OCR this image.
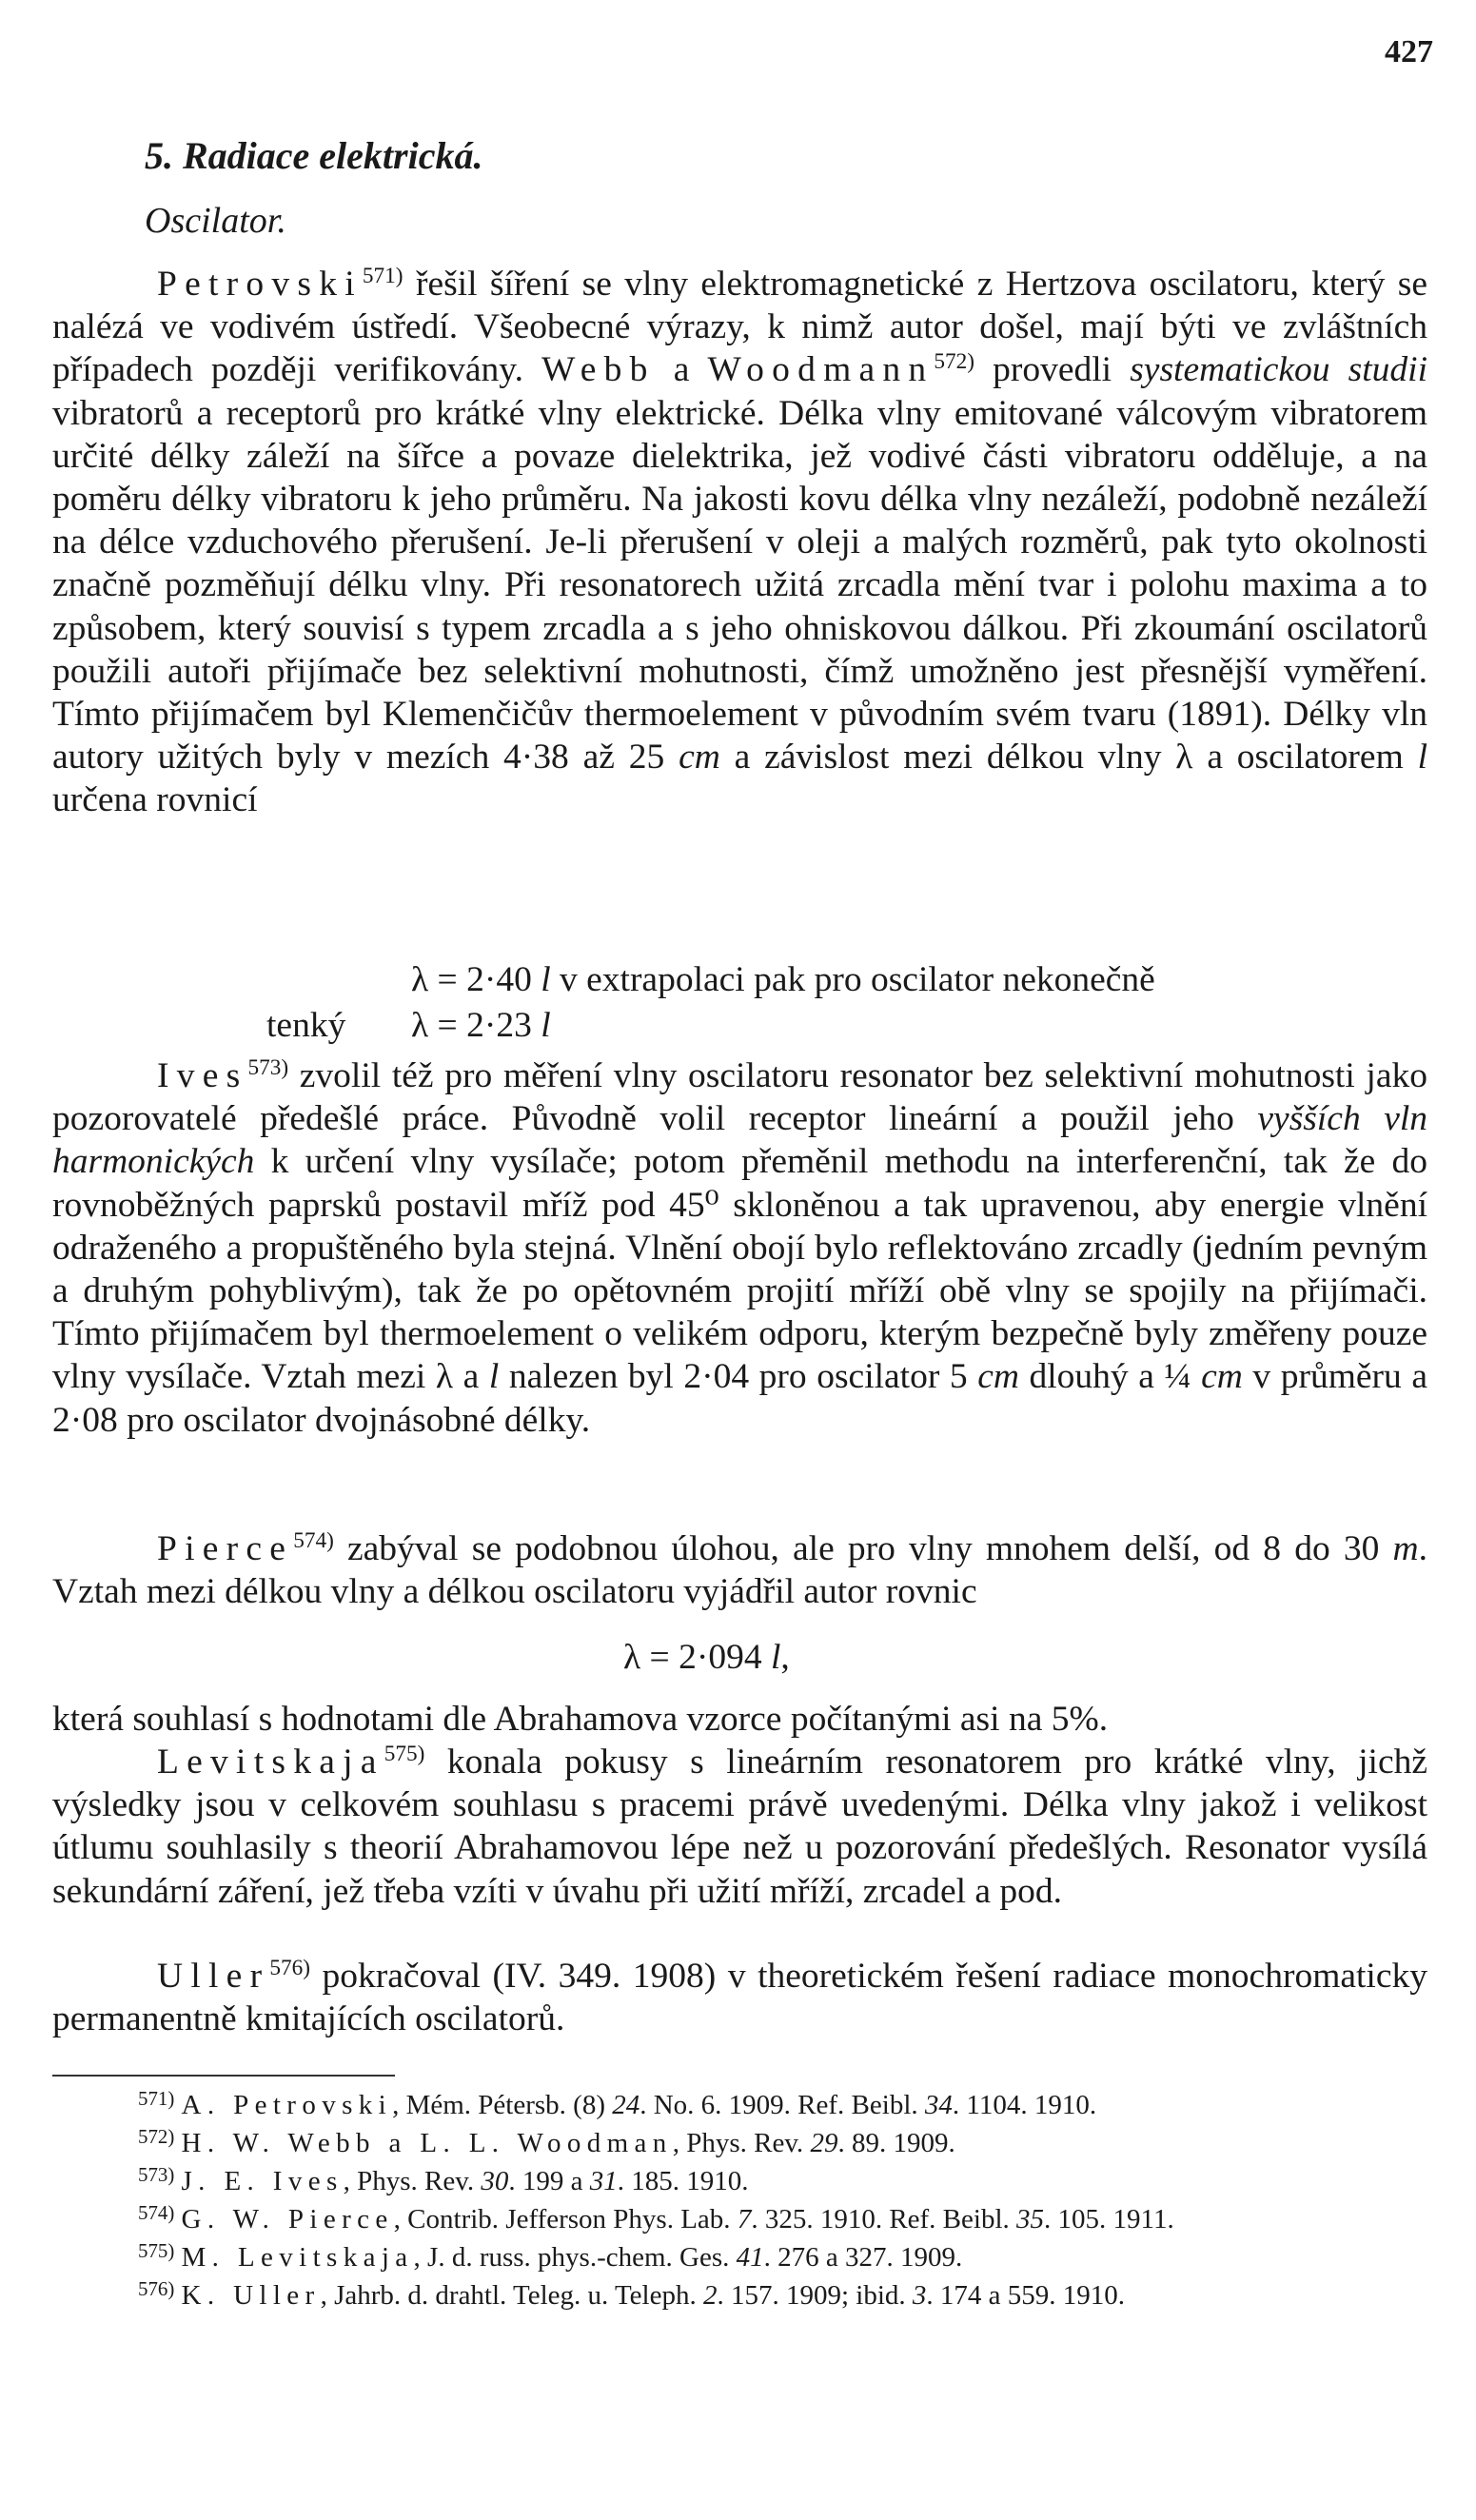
427
5. Radiace elektrická.
Oscilator.

Petrovski$^{571)}$ řešil šíření se vlny elektromagnetické z Hertzova oscilatoru, který se nalézá ve vodivém ústředí. Všeobecné výrazy, k nimž autor došel, mají býti ve zvláštních případech později verifikovány. Webb a Woodmann$^{572)}$ provedli systematickou studii vibratorů a receptorů pro krátké vlny elektrické. Délka vlny emitované válcovým vibratorem určité délky záleží na šířce a povaze dielektrika, jež vodivé části vibratoru odděluje, a na poměru délky vibratoru k jeho průměru. Na jakosti kovu délka vlny nezáleží, podobně nezáleží na délce vzduchového přerušení. Je-li přerušení v oleji a malých rozměrů, pak tyto okolnosti značně pozměňují délku vlny. Při resonatorech užitá zrcadla mění tvar i polohu maxima a to způsobem, který souvisí s typem zrcadla a s jeho ohniskovou dálkou. Při zkoumání oscilatorů použili autoři přijímače bez selektivní mohutnosti, čímž umožněno jest přesnější vyměření. Tímto přijímačem byl Klemenčičův thermoelement v původním svém tvaru (1891). Délky vln autory užitých byly v mezích 4·38 až 25 cm a závislost mezi délkou vlny λ a oscilatorem l určena rovnicí

λ = 2·40 l v extrapolaci pak pro oscilator nekonečně
tenký λ = 2·23 l

Ives$^{573)}$ zvolil též pro měření vlny oscilatoru resonator bez selektivní mohutnosti jako pozorovatelé předešlé práce. Původně volil receptor lineární a použil jeho vyšších vln harmonických k určení vlny vysílače; potom přeměnil methodu na interferenční, tak že do rovnoběžných paprsků postavil mříž pod 45⁰ skloněnou a tak upravenou, aby energie vlnění odraženého a propuštěného byla stejná. Vlnění obojí bylo reflektováno zrcadly (jedním pevným a druhým pohyblivým), tak že po opětovném projití mříží obě vlny se spojily na přijímači. Tímto přijímačem byl thermoelement o velikém odporu, kterým bezpečně byly změřeny pouze vlny vysílače. Vztah mezi λ a l nalezen byl 2·04 pro oscilator 5 cm dlouhý a ¼ cm v průměru a 2·08 pro oscilator dvojnásobné délky.

Pierce$^{574)}$ zabýval se podobnou úlohou, ale pro vlny mnohem delší, od 8 do 30 m. Vztah mezi délkou vlny a délkou oscilatoru vyjádřil autor rovnic

λ = 2·094 l,

která souhlasí s hodnotami dle Abrahamova vzorce počítanými asi na 5%.

Levitskaja$^{575)}$ konala pokusy s lineárním resonatorem pro krátké vlny, jichž výsledky jsou v celkovém souhlasu s pracemi právě uvedenými. Délka vlny jakož i velikost útlumu souhlasily s theorií Abrahamovou lépe než u pozorování předešlých. Resonator vysílá sekundární záření, jež třeba vzíti v úvahu při užití mříží, zrcadel a pod.

Uller$^{576)}$ pokračoval (IV. 349. 1908) v theoretickém řešení radiace monochromaticky permanentně kmitajících oscilatorů.

571) A. Petrovski, Mém. Pétersb. (8) 24. No. 6. 1909. Ref. Beibl. 34. 1104. 1910.

572) H. W. Webb a L. L. Woodman, Phys. Rev. 29. 89. 1909.

573) J. E. Ives, Phys. Rev. 30. 199 a 31. 185. 1910.

574) G. W. Pierce, Contrib. Jefferson Phys. Lab. 7. 325. 1910. Ref. Beibl. 35. 105. 1911.

575) M. Levitskaja, J. d. russ. phys.-chem. Ges. 41. 276 a 327. 1909.

576) K. Uller, Jahrb. d. drahtl. Teleg. u. Teleph. 2. 157. 1909; ibid. 3. 174 a 559. 1910.
